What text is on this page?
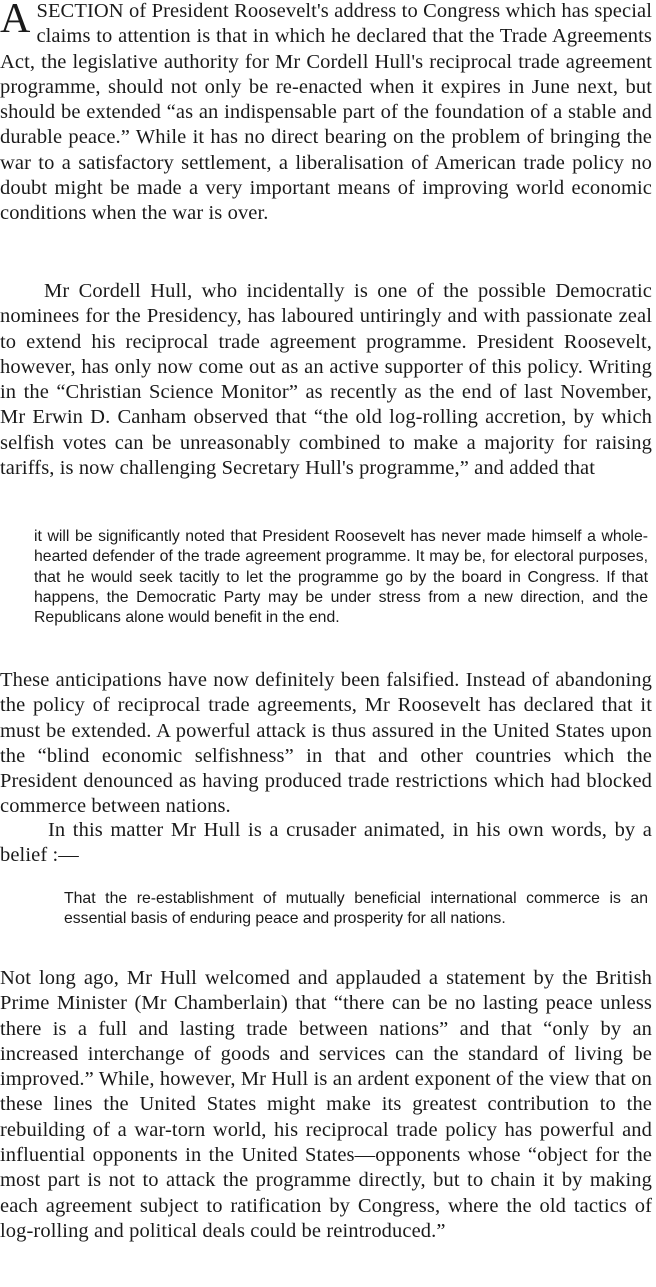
ASECTION of President Roosevelt's address to Congress which has special claims to attention is that in which he declared that the Trade Agreements Act, the legislative authority for Mr Cordell Hull's reciprocal trade agreement programme, should not only be re-enacted when it expires in June next, but should be extended “as an indispensable part of the foundation of a stable and durable peace.” While it has no direct bearing on the problem of bringing the war to a satisfactory settlement, a liberalisation of American trade policy no doubt might be made a very important means of improving world economic conditions when the war is over.

Mr Cordell Hull, who incidentally is one of the possible Democratic nominees for the Presidency, has laboured untiringly and with passionate zeal to extend his reciprocal trade agreement programme. President Roosevelt, however, has only now come out as an active supporter of this policy. Writing in the “Christian Science Monitor” as recently as the end of last November, Mr Erwin D. Canham observed that “the old log-rolling accretion, by which selfish votes can be unreasonably combined to make a majority for raising tariffs, is now challenging Secretary Hull's programme,” and added that

it will be significantly noted that President Roosevelt has never made himself a whole-hearted defender of the trade agreement programme. It may be, for electoral purposes, that he would seek tacitly to let the programme go by the board in Congress. If that happens, the Democratic Party may be under stress from a new direction, and the Republicans alone would benefit in the end.

These anticipations have now definitely been falsified. Instead of abandoning the policy of reciprocal trade agreements, Mr Roosevelt has declared that it must be extended. A powerful attack is thus assured in the United States upon the “blind economic selfishness” in that and other countries which the President denounced as having produced trade restrictions which had blocked commerce between nations.

In this matter Mr Hull is a crusader animated, in his own words, by a belief :—

That the re-establishment of mutually beneficial international commerce is an essential basis of enduring peace and prosperity for all nations.

Not long ago, Mr Hull welcomed and applauded a statement by the British Prime Minister (Mr Chamberlain) that “there can be no lasting peace unless there is a full and lasting trade between nations” and that “only by an increased interchange of goods and services can the standard of living be improved.” While, however, Mr Hull is an ardent exponent of the view that on these lines the United States might make its greatest contribution to the rebuilding of a war-torn world, his reciprocal trade policy has powerful and influential opponents in the United States—opponents whose “object for the most part is not to attack the programme directly, but to chain it by making each agreement subject to ratification by Congress, where the old tactics of log-rolling and political deals could be reintroduced.”
